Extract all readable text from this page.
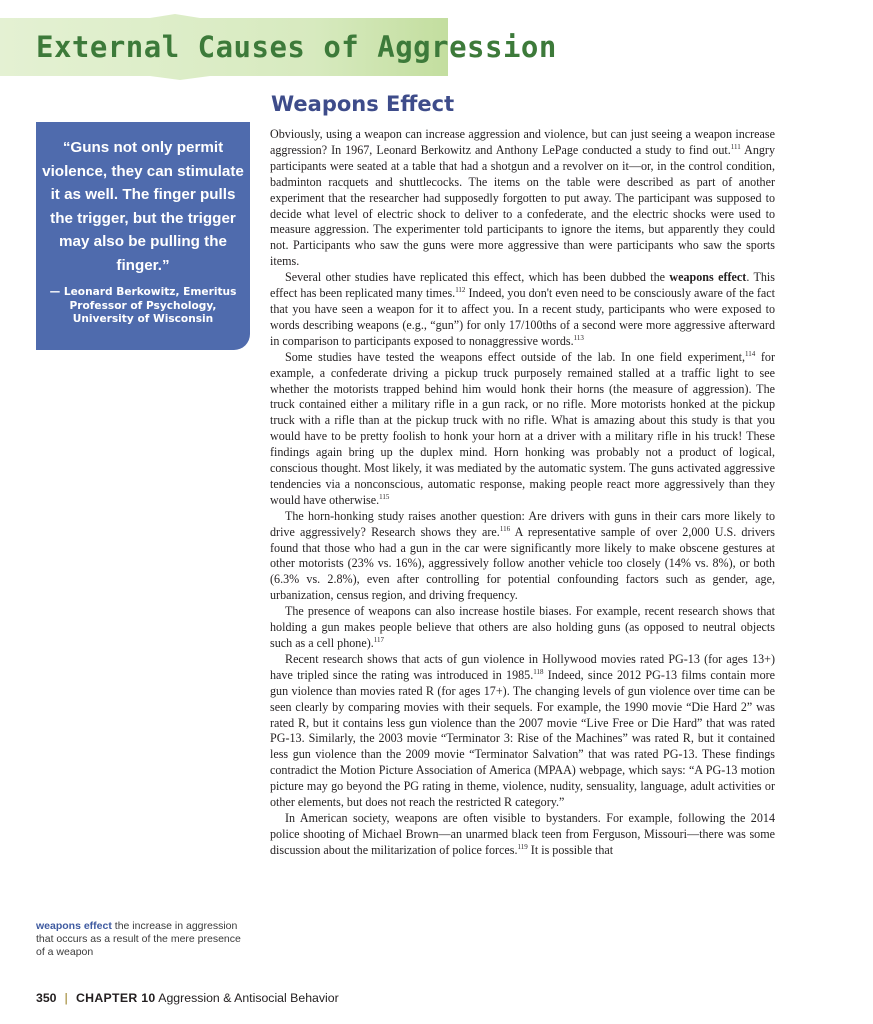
External Causes of Aggression
Weapons Effect
“Guns not only permit violence, they can stimulate it as well. The finger pulls the trigger, but the trigger may also be pulling the finger.”
— Leonard Berkowitz, Emeritus Professor of Psychology, University of Wisconsin

Obviously, using a weapon can increase aggression and violence, but can just seeing a weapon increase aggression? In 1967, Leonard Berkowitz and Anthony LePage conducted a study to find out.$^{111}$ Angry participants were seated at a table that had a shotgun and a revolver on it—or, in the control condition, badminton racquets and shuttlecocks. The items on the table were described as part of another experiment that the researcher had supposedly forgotten to put away. The participant was supposed to decide what level of electric shock to deliver to a confederate, and the electric shocks were used to measure aggression. The experimenter told participants to ignore the items, but apparently they could not. Participants who saw the guns were more aggressive than were participants who saw the sports items.

Several other studies have replicated this effect, which has been dubbed the weapons effect. This effect has been replicated many times.$^{112}$ Indeed, you don't even need to be consciously aware of the fact that you have seen a weapon for it to affect you. In a recent study, participants who were exposed to words describing weapons (e.g., “gun”) for only 17/100ths of a second were more aggressive afterward in comparison to participants exposed to nonaggressive words.$^{113}$

Some studies have tested the weapons effect outside of the lab. In one field experiment,$^{114}$ for example, a confederate driving a pickup truck purposely remained stalled at a traffic light to see whether the motorists trapped behind him would honk their horns (the measure of aggression). The truck contained either a military rifle in a gun rack, or no rifle. More motorists honked at the pickup truck with a rifle than at the pickup truck with no rifle. What is amazing about this study is that you would have to be pretty foolish to honk your horn at a driver with a military rifle in his truck! These findings again bring up the duplex mind. Horn honking was probably not a product of logical, conscious thought. Most likely, it was mediated by the automatic system. The guns activated aggressive tendencies via a nonconscious, automatic response, making people react more aggressively than they would have otherwise.$^{115}$

The horn-honking study raises another question: Are drivers with guns in their cars more likely to drive aggressively? Research shows they are.$^{116}$ A representative sample of over 2,000 U.S. drivers found that those who had a gun in the car were significantly more likely to make obscene gestures at other motorists (23% vs. 16%), aggressively follow another vehicle too closely (14% vs. 8%), or both (6.3% vs. 2.8%), even after controlling for potential confounding factors such as gender, age, urbanization, census region, and driving frequency.

The presence of weapons can also increase hostile biases. For example, recent research shows that holding a gun makes people believe that others are also holding guns (as opposed to neutral objects such as a cell phone).$^{117}$

Recent research shows that acts of gun violence in Hollywood movies rated PG-13 (for ages 13+) have tripled since the rating was introduced in 1985.$^{118}$ Indeed, since 2012 PG-13 films contain more gun violence than movies rated R (for ages 17+). The changing levels of gun violence over time can be seen clearly by comparing movies with their sequels. For example, the 1990 movie “Die Hard 2” was rated R, but it contains less gun violence than the 2007 movie “Live Free or Die Hard” that was rated PG-13. Similarly, the 2003 movie “Terminator 3: Rise of the Machines” was rated R, but it contained less gun violence than the 2009 movie “Terminator Salvation” that was rated PG-13. These findings contradict the Motion Picture Association of America (MPAA) webpage, which says: “A PG-13 motion picture may go beyond the PG rating in theme, violence, nudity, sensuality, language, adult activities or other elements, but does not reach the restricted R category.”

In American society, weapons are often visible to bystanders. For example, following the 2014 police shooting of Michael Brown—an unarmed black teen from Ferguson, Missouri—there was some discussion about the militarization of police forces.$^{119}$ It is possible that

weapons effect the increase in aggression that occurs as a result of the mere presence of a weapon
350 | CHAPTER 10 Aggression & Antisocial Behavior
